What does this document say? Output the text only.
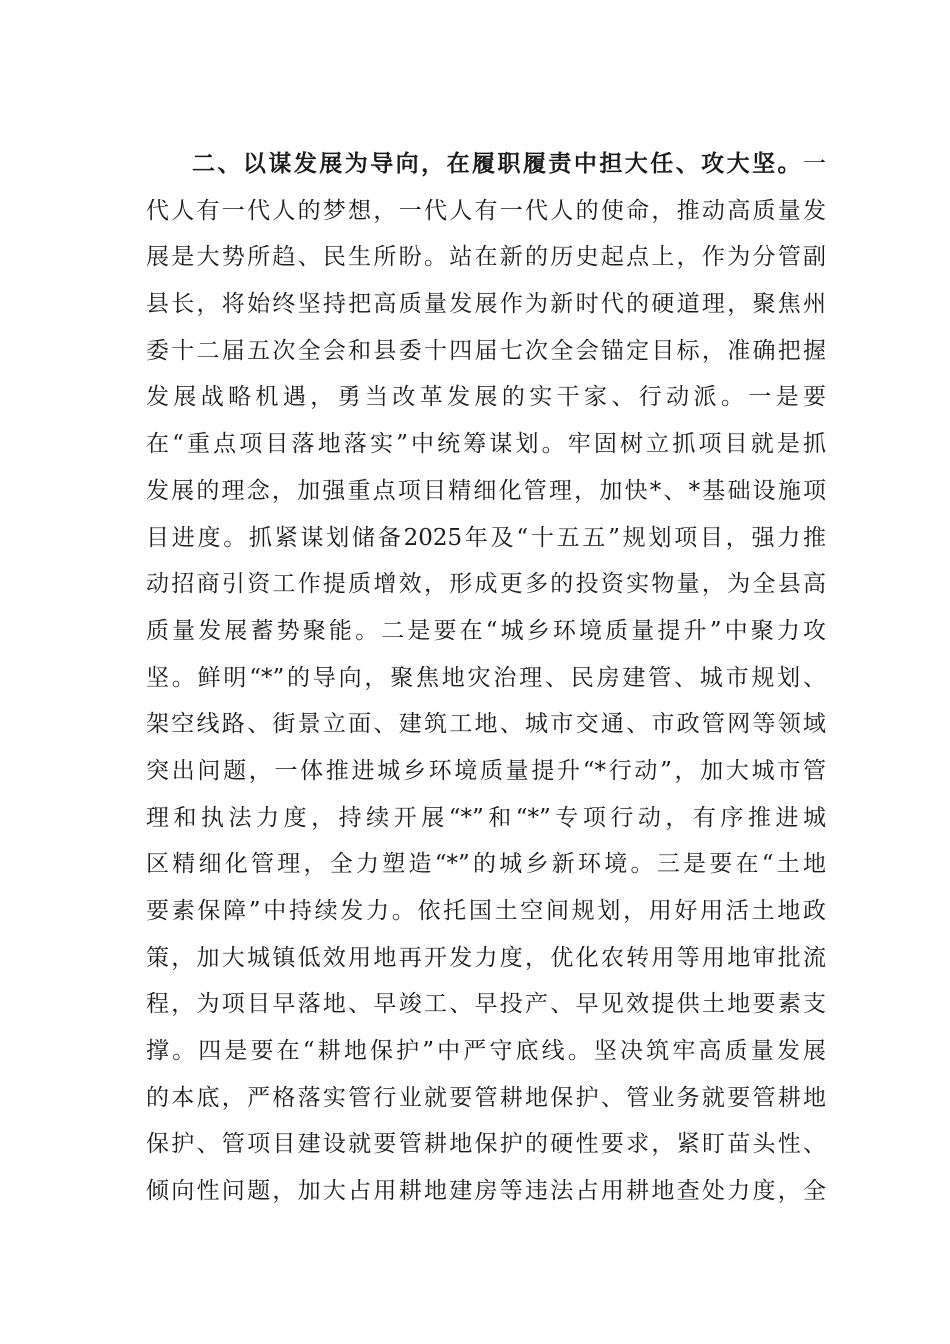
二、以谋发展为导向，在履职履责中担大任、攻大坚。一
代人有一代人的梦想，一代人有一代人的使命，推动高质量发
展是大势所趋、民生所盼。站在新的历史起点上，作为分管副
县长，将始终坚持把高质量发展作为新时代的硬道理，聚焦州
委十二届五次全会和县委十四届七次全会锚定目标，准确把握
发展战略机遇，勇当改革发展的实干家、行动派。一是要
在“重点项目落地落实”中统筹谋划。牢固树立抓项目就是抓
发展的理念，加强重点项目精细化管理，加快*、*基础设施项
目进度。抓紧谋划储备2025年及“十五五”规划项目，强力推
动招商引资工作提质增效，形成更多的投资实物量，为全县高
质量发展蓄势聚能。二是要在“城乡环境质量提升”中聚力攻
坚。鲜明“*”的导向，聚焦地灾治理、民房建管、城市规划、
架空线路、街景立面、建筑工地、城市交通、市政管网等领域
突出问题，一体推进城乡环境质量提升“*行动”，加大城市管
理和执法力度，持续开展“*”和“*”专项行动，有序推进城
区精细化管理，全力塑造“*”的城乡新环境。三是要在“土地
要素保障”中持续发力。依托国土空间规划，用好用活土地政
策，加大城镇低效用地再开发力度，优化农转用等用地审批流
程，为项目早落地、早竣工、早投产、早见效提供土地要素支
撑。四是要在“耕地保护”中严守底线。坚决筑牢高质量发展
的本底，严格落实管行业就要管耕地保护、管业务就要管耕地
保护、管项目建设就要管耕地保护的硬性要求，紧盯苗头性、
倾向性问题，加大占用耕地建房等违法占用耕地查处力度，全
